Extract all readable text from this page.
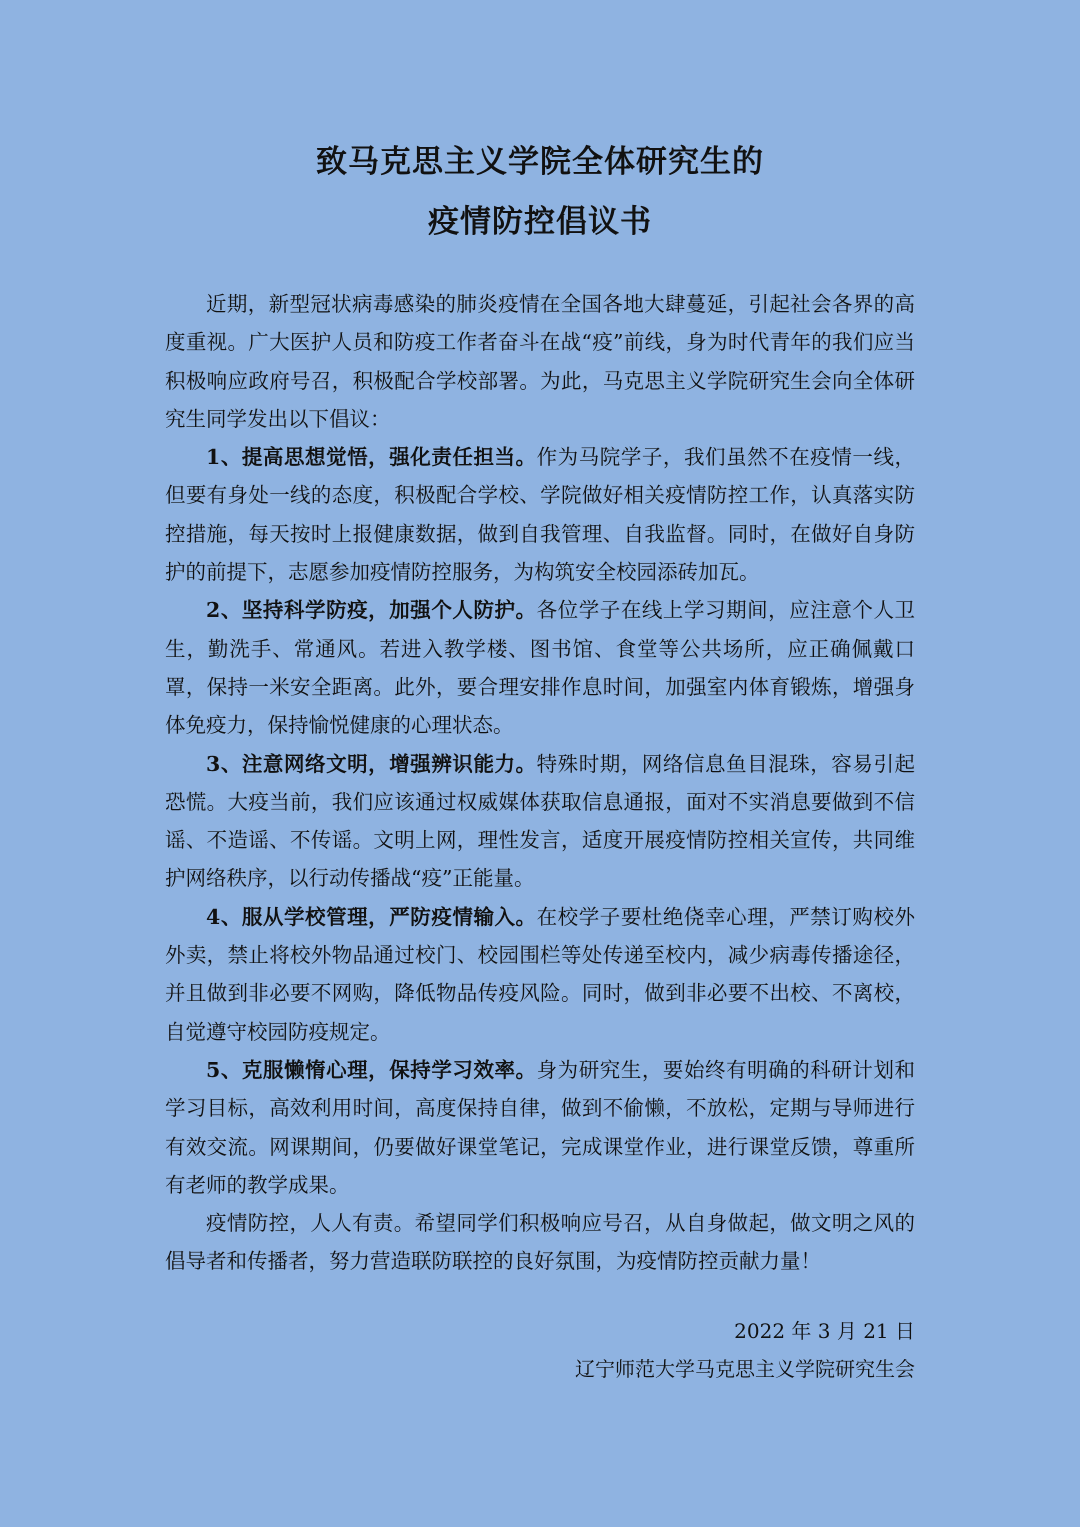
致马克思主义学院全体研究生的
疫情防控倡议书

近期，新型冠状病毒感染的肺炎疫情在全国各地大肆蔓延，引起社会各界的高度重视。广大医护人员和防疫工作者奋斗在战“疫”前线，身为时代青年的我们应当积极响应政府号召，积极配合学校部署。为此，马克思主义学院研究生会向全体研究生同学发出以下倡议：

1、提高思想觉悟，强化责任担当。作为马院学子，我们虽然不在疫情一线，但要有身处一线的态度，积极配合学校、学院做好相关疫情防控工作，认真落实防控措施，每天按时上报健康数据，做到自我管理、自我监督。同时，在做好自身防护的前提下，志愿参加疫情防控服务，为构筑安全校园添砖加瓦。

2、坚持科学防疫，加强个人防护。各位学子在线上学习期间，应注意个人卫生，勤洗手、常通风。若进入教学楼、图书馆、食堂等公共场所，应正确佩戴口罩，保持一米安全距离。此外，要合理安排作息时间，加强室内体育锻炼，增强身体免疫力，保持愉悦健康的心理状态。

3、注意网络文明，增强辨识能力。特殊时期，网络信息鱼目混珠，容易引起恐慌。大疫当前，我们应该通过权威媒体获取信息通报，面对不实消息要做到不信谣、不造谣、不传谣。文明上网，理性发言，适度开展疫情防控相关宣传，共同维护网络秩序，以行动传播战“疫”正能量。

4、服从学校管理，严防疫情输入。在校学子要杜绝侥幸心理，严禁订购校外外卖，禁止将校外物品通过校门、校园围栏等处传递至校内，减少病毒传播途径，并且做到非必要不网购，降低物品传疫风险。同时，做到非必要不出校、不离校，自觉遵守校园防疫规定。

5、克服懒惰心理，保持学习效率。身为研究生，要始终有明确的科研计划和学习目标，高效利用时间，高度保持自律，做到不偷懒，不放松，定期与导师进行有效交流。网课期间，仍要做好课堂笔记，完成课堂作业，进行课堂反馈，尊重所有老师的教学成果。

疫情防控，人人有责。希望同学们积极响应号召，从自身做起，做文明之风的倡导者和传播者，努力营造联防联控的良好氛围，为疫情防控贡献力量！

2022 年 3 月 21 日
辽宁师范大学马克思主义学院研究生会
